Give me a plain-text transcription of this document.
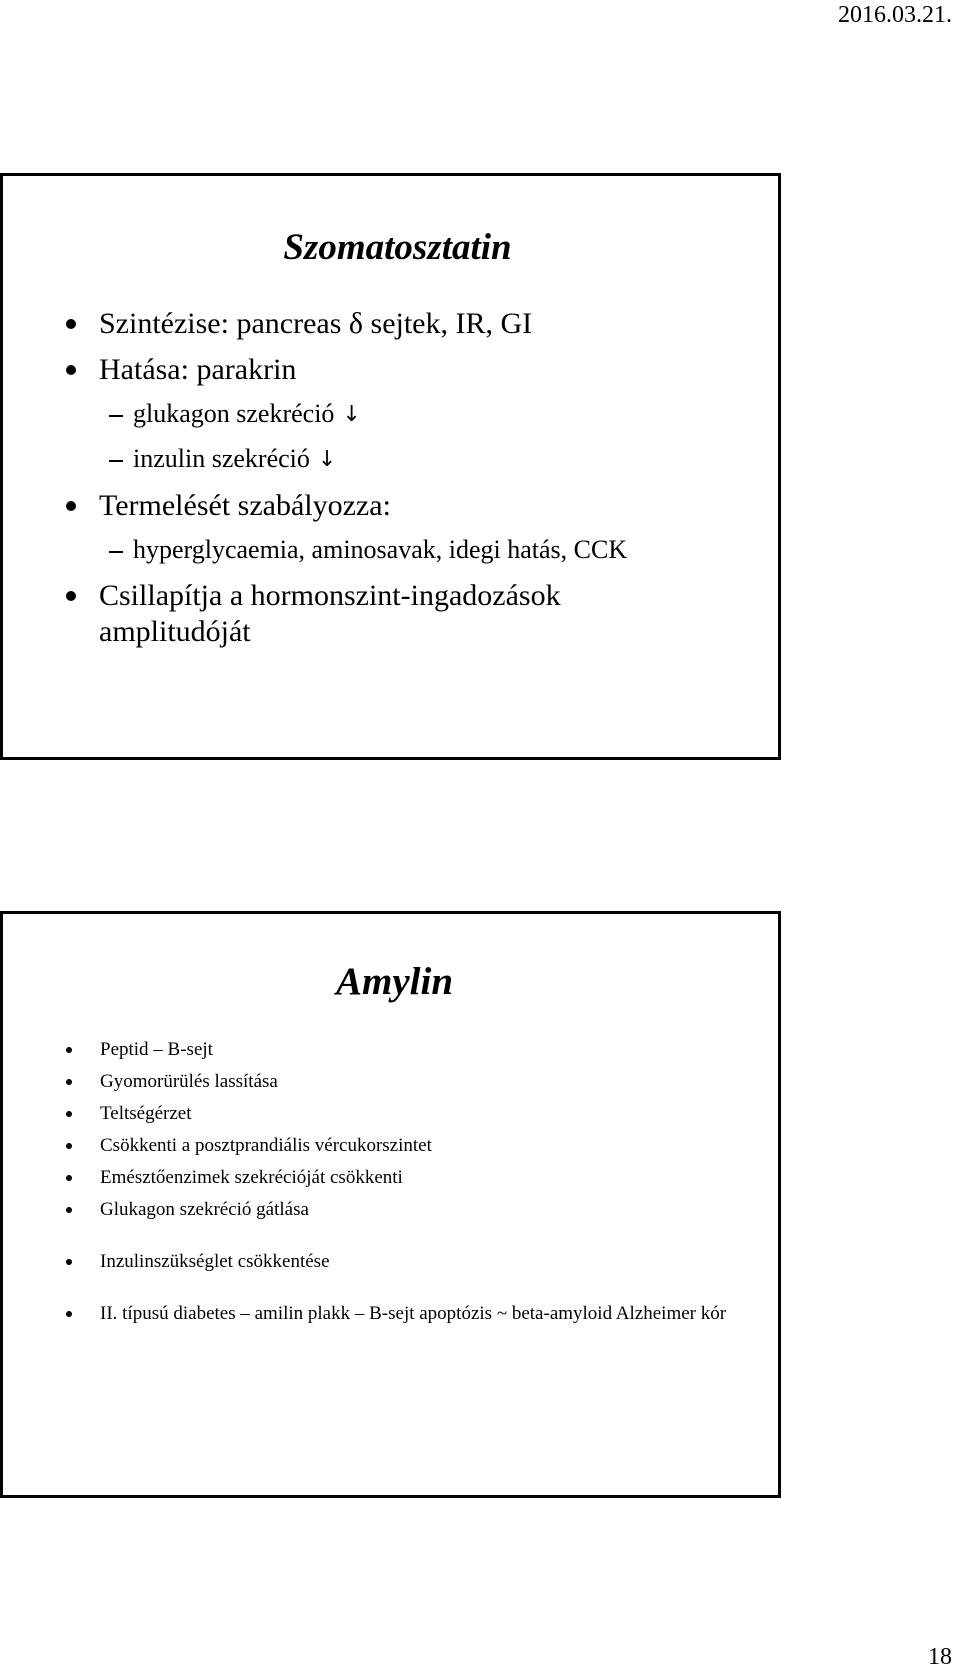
2016.03.21.
Szomatosztatin
Szintézise: pancreas δ sejtek, IR, GI
Hatása: parakrin
glukagon szekréció ↓
inzulin szekréció ↓
Termelését szabályozza:
hyperglycaemia, aminosavak, idegi hatás, CCK
Csillapítja a hormonszint-ingadozások amplitudóját
Amylin
Peptid – B-sejt
Gyomorürülés lassítása
Teltségérzet
Csökkenti a posztprandiális vércukorszintet
Emésztőenzimek szekrécióját csökkenti
Glukagon szekréció gátlása
Inzulinszükséglet csökkentése
II. típusú diabetes – amilin plakk – B-sejt apoptózis ~ beta-amyloid Alzheimer kór
18
